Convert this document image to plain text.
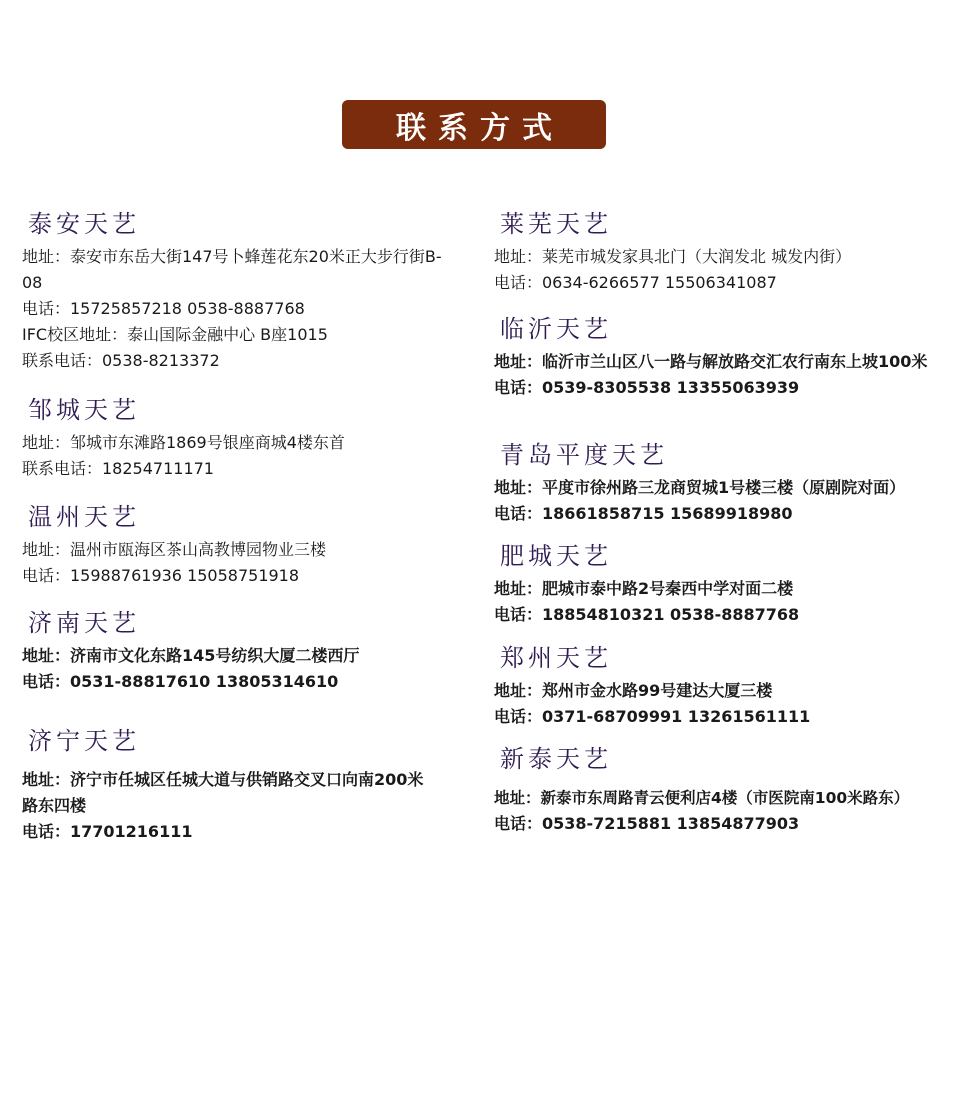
联系方式
泰安天艺

地址：泰安市东岳大街147号卜蜂莲花东20米正大步行街B-08

电话：15725857218 0538-8887768

IFC校区地址：泰山国际金融中心 B座1015

联系电话：0538-8213372

邹城天艺

地址：邹城市东滩路1869号银座商城4楼东首

联系电话：18254711171

温州天艺

地址：温州市瓯海区茶山高教博园物业三楼

电话：15988761936 15058751918

济南天艺

地址：济南市文化东路145号纺织大厦二楼西厅

电话：0531-88817610 13805314610

济宁天艺

地址：济宁市任城区任城大道与供销路交叉口向南200米路东四楼

电话：17701216111

莱芜天艺

地址：莱芜市城发家具北门（大润发北 城发内街）

电话：0634-6266577 15506341087

临沂天艺

地址：临沂市兰山区八一路与解放路交汇农行南东上坡100米

电话：0539-8305538 13355063939

青岛平度天艺

地址：平度市徐州路三龙商贸城1号楼三楼（原剧院对面）

电话：18661858715 15689918980

肥城天艺

地址：肥城市泰中路2号秦西中学对面二楼

电话：18854810321 0538-8887768

郑州天艺

地址：郑州市金水路99号建达大厦三楼

电话：0371-68709991 13261561111

新泰天艺

地址：新泰市东周路青云便利店4楼（市医院南100米路东）

电话：0538-7215881 13854877903
